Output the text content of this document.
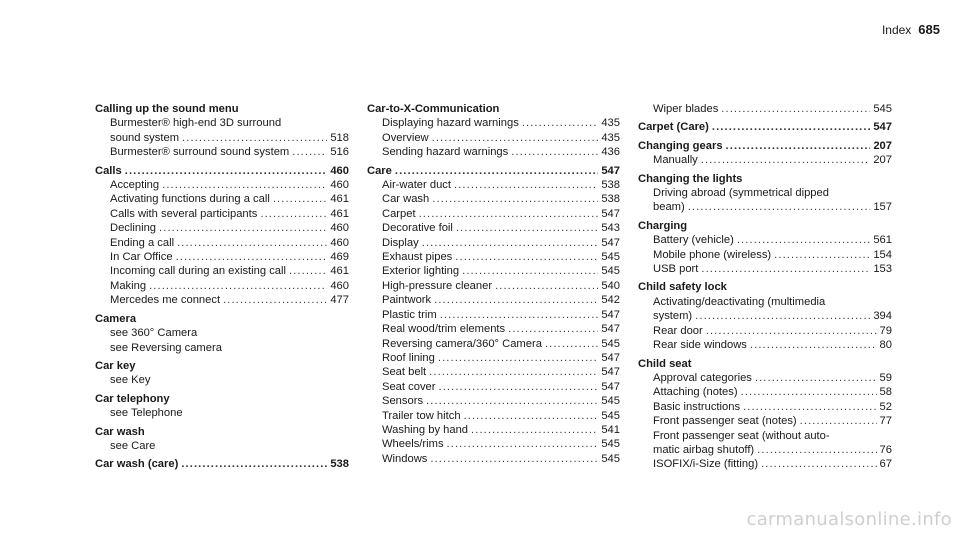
Index 685
Calling up the sound menu
Burmester® high-end 3D surround
sound system .....	518
Burmester® surround sound system .....	516
Calls .....	460
Accepting .....	460
Activating functions during a call .....	461
Calls with several participants .....	461
Declining .....	460
Ending a call .....	460
In Car Office .....	469
Incoming call during an existing call .....	461
Making .....	460
Mercedes me connect .....	477
Camera
see 360° Camera
see Reversing camera
Car key
see Key
Car telephony
see Telephone
Car wash
see Care
Car wash (care) .....	538
Car-to-X-Communication
Displaying hazard warnings .....	435
Overview .....	435
Sending hazard warnings .....	436
Care .....	547
Air-water duct .....	538
Car wash .....	538
Carpet .....	547
Decorative foil .....	543
Display .....	547
Exhaust pipes .....	545
Exterior lighting .....	545
High-pressure cleaner .....	540
Paintwork .....	542
Plastic trim .....	547
Real wood/trim elements .....	547
Reversing camera/360° Camera .....	545
Roof lining .....	547
Seat belt .....	547
Seat cover .....	547
Sensors .....	545
Trailer tow hitch .....	545
Washing by hand .....	541
Wheels/rims .....	545
Windows .....	545
Wiper blades .....	545
Carpet (Care) .....	547
Changing gears .....	207
Manually .....	207
Changing the lights
Driving abroad (symmetrical dipped
beam) .....	157
Charging
Battery (vehicle) .....	561
Mobile phone (wireless) .....	154
USB port .....	153
Child safety lock
Activating/deactivating (multimedia
system) .....	394
Rear door .....	79
Rear side windows .....	80
Child seat
Approval categories .....	59
Attaching (notes) .....	58
Basic instructions .....	52
Front passenger seat (notes) .....	77
Front passenger seat (without auto-
matic airbag shutoff) .....	76
ISOFIX/i-Size (fitting) .....	67
carmanualsonline.info
